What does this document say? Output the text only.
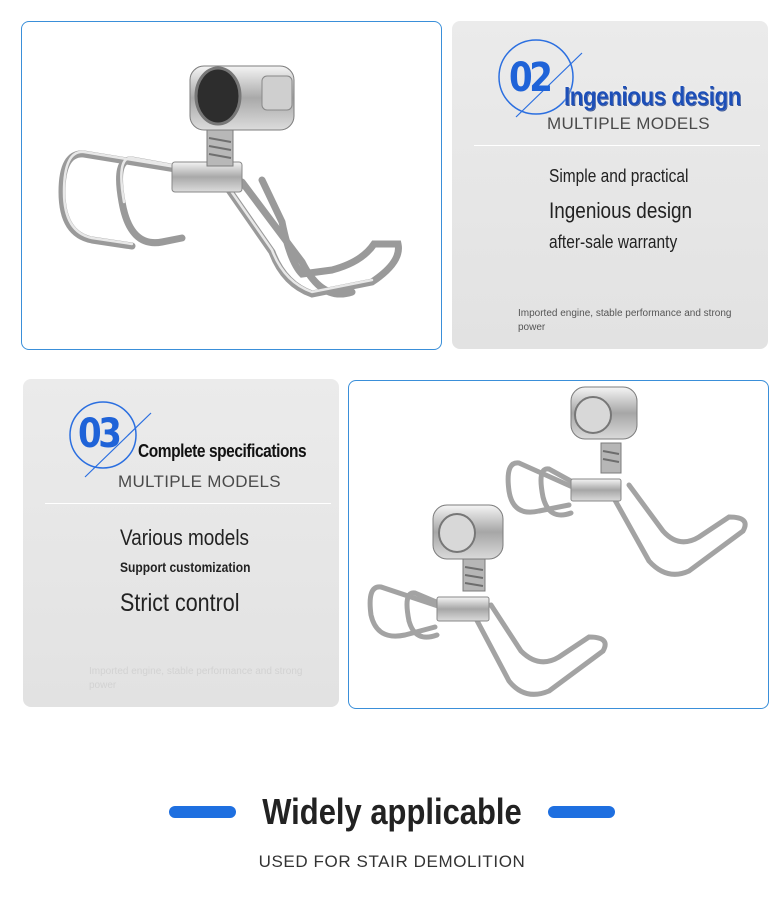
02 Ingenious design
MULTIPLE MODELS
Simple and practical
Ingenious design
after-sale warranty
Imported engine, stable performance and strong power
03 Complete specifications
MULTIPLE MODELS
Various models
Support customization
Strict control
Imported engine, stable performance and strong power
Widely applicable
USED FOR STAIR DEMOLITION
